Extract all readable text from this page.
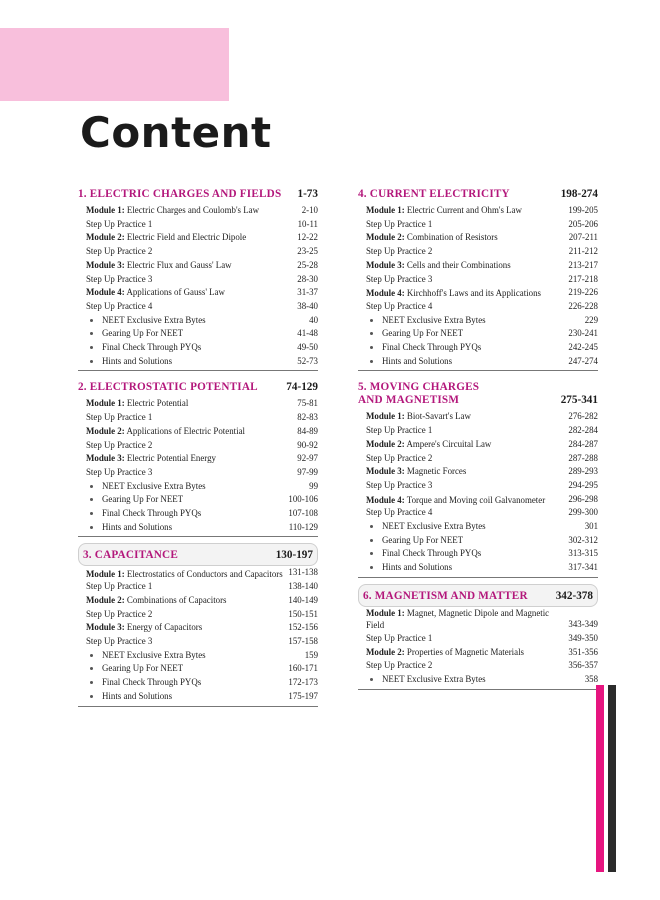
Content
1. ELECTRIC CHARGES AND FIELDS 1-73
Module 1: Electric Charges and Coulomb's Law	2-10
Step Up Practice 1	10-11
Module 2: Electric Field and Electric Dipole	12-22
Step Up Practice 2	23-25
Module 3: Electric Flux and Gauss' Law	25-28
Step Up Practice 3	28-30
Module 4: Applications of Gauss' Law	31-37
Step Up Practice 4	38-40
NEET Exclusive Extra Bytes	40
Gearing Up For NEET	41-48
Final Check Through PYQs	49-50
Hints and Solutions	52-73
2. ELECTROSTATIC POTENTIAL	74-129
Module 1: Electric Potential	75-81
Step Up Practice 1	82-83
Module 2: Applications of Electric Potential	84-89
Step Up Practice 2	90-92
Module 3: Electric Potential Energy	92-97
Step Up Practice 3	97-99
NEET Exclusive Extra Bytes	99
Gearing Up For NEET	100-106
Final Check Through PYQs	107-108
Hints and Solutions	110-129
3. CAPACITANCE	130-197
Module 1: Electrostatics of Conductors and Capacitors 131-138
Step Up Practice 1	138-140
Module 2: Combinations of Capacitors	140-149
Step Up Practice 2	150-151
Module 3: Energy of Capacitors	152-156
Step Up Practice 3	157-158
NEET Exclusive Extra Bytes	159
Gearing Up For NEET	160-171
Final Check Through PYQs	172-173
Hints and Solutions	175-197
4. CURRENT ELECTRICITY	198-274
Module 1: Electric Current and Ohm's Law	199-205
Step Up Practice 1	205-206
Module 2: Combination of Resistors	207-211
Step Up Practice 2	211-212
Module 3: Cells and their Combinations	213-217
Step Up Practice 3	217-218
Module 4: Kirchhoff's Laws and its Applications	219-226
Step Up Practice 4	226-228
NEET Exclusive Extra Bytes	229
Gearing Up For NEET	230-241
Final Check Through PYQs	242-245
Hints and Solutions	247-274
5. MOVING CHARGES AND MAGNETISM	275-341
Module 1: Biot-Savart's Law	276-282
Step Up Practice 1	282-284
Module 2: Ampere's Circuital Law	284-287
Step Up Practice 2	287-288
Module 3: Magnetic Forces	289-293
Step Up Practice 3	294-295
Module 4: Torque and Moving coil Galvanometer	296-298
Step Up Practice 4	299-300
NEET Exclusive Extra Bytes	301
Gearing Up For NEET	302-312
Final Check Through PYQs	313-315
Hints and Solutions	317-341
6. MAGNETISM AND MATTER 342-378
Module 1: Magnet, Magnetic Dipole and Magnetic Field	343-349
Step Up Practice 1	349-350
Module 2: Properties of Magnetic Materials	351-356
Step Up Practice 2	356-357
NEET Exclusive Extra Bytes	358
